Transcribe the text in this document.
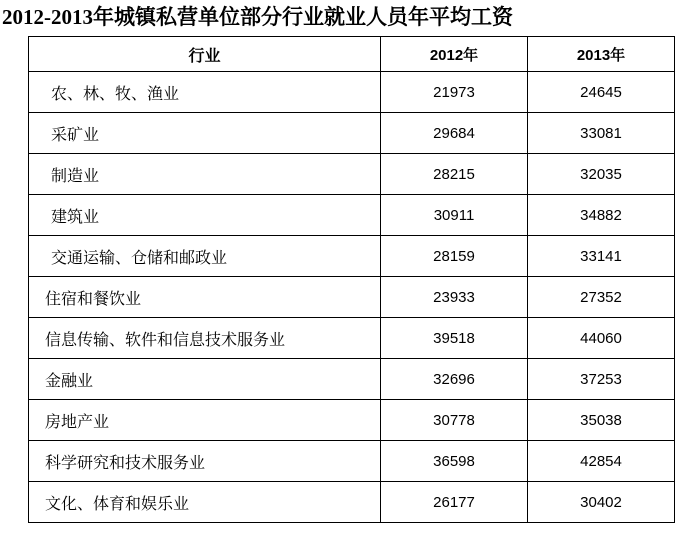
2012-2013年城镇私营单位部分行业就业人员年平均工资
行业	2012年	2013年

农、林、牧、渔业	21973	24645

采矿业	29684	33081

制造业	28215	32035

建筑业	30911	34882

交通运输、仓储和邮政业	28159	33141

住宿和餐饮业	23933	27352

信息传输、软件和信息技术服务业	39518	44060

金融业	32696	37253

房地产业	30778	35038

科学研究和技术服务业	36598	42854

文化、体育和娱乐业	26177	30402
